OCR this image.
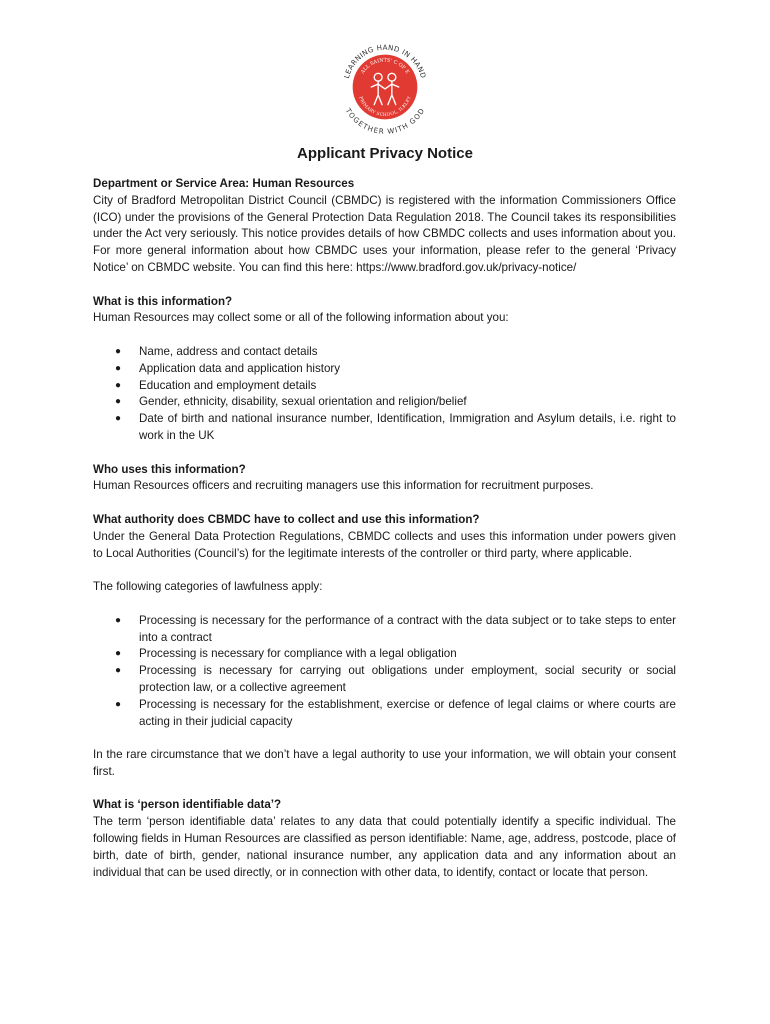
LEARNING HAND IN HAND
TOGETHER WITH GOD
ALL SAINTS' C OF E
PRIMARY SCHOOL, ILKLEY
Applicant Privacy Notice

Department or Service Area: Human Resources

City of Bradford Metropolitan District Council (CBMDC) is registered with the information Commissioners Office (ICO) under the provisions of the General Protection Data Regulation 2018. The Council takes its responsibilities under the Act very seriously. This notice provides details of how CBMDC collects and uses information about you. For more general information about how CBMDC uses your information, please refer to the general ‘Privacy Notice’ on CBMDC website. You can find this here: https://www.bradford.gov.uk/privacy-notice/

What is this information?

Human Resources may collect some or all of the following information about you:

● Name, address and contact details
● Application data and application history
● Education and employment details
● Gender, ethnicity, disability, sexual orientation and religion/belief
● Date of birth and national insurance number, Identification, Immigration and Asylum details, i.e. right to work in the UK

Who uses this information?

Human Resources officers and recruiting managers use this information for recruitment purposes.

What authority does CBMDC have to collect and use this information?

Under the General Data Protection Regulations, CBMDC collects and uses this information under powers given to Local Authorities (Council’s) for the legitimate interests of the controller or third party, where applicable.

The following categories of lawfulness apply:

● Processing is necessary for the performance of a contract with the data subject or to take steps to enter into a contract
● Processing is necessary for compliance with a legal obligation
● Processing is necessary for carrying out obligations under employment, social security or social protection law, or a collective agreement
● Processing is necessary for the establishment, exercise or defence of legal claims or where courts are acting in their judicial capacity

In the rare circumstance that we don’t have a legal authority to use your information, we will obtain your consent first.

What is ‘person identifiable data’?

The term ‘person identifiable data’ relates to any data that could potentially identify a specific individual. The following fields in Human Resources are classified as person identifiable: Name, age, address, postcode, place of birth, date of birth, gender, national insurance number, any application data and any information about an individual that can be used directly, or in connection with other data, to identify, contact or locate that person.
